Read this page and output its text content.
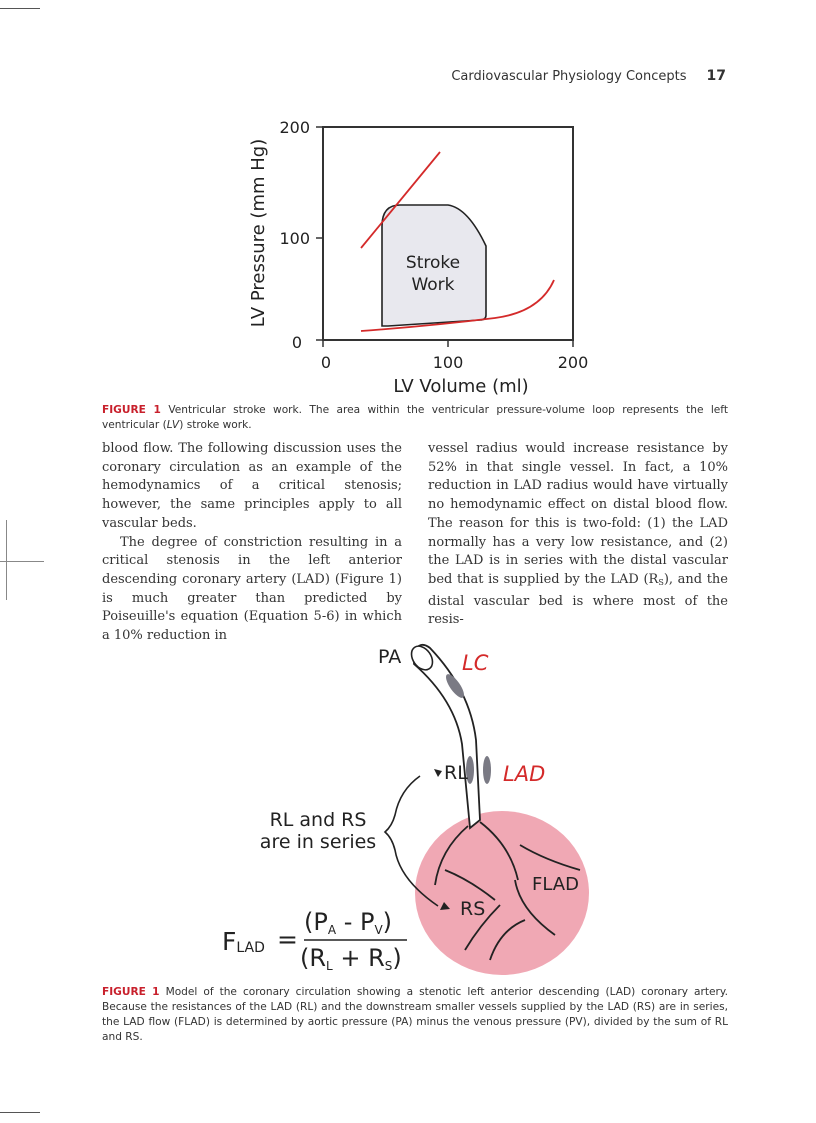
Cardiovascular Physiology Concepts 17
200
100
0
0	100	200
LV Volume (ml)
LV Pressure (mm Hg)	Stroke
Work
FIGURE 1 Ventricular stroke work. The area within the ventricular pressure-volume loop represents the left ventricular (LV) stroke work.

blood flow. The following discussion uses the coronary circulation as an example of the hemodynamics of a critical stenosis; however, the same principles apply to all vascular beds.

The degree of constriction resulting in a critical stenosis in the left anterior descending coronary artery (LAD) (Figure 1) is much greater than predicted by Poiseuille's equation (Equation 5-6) in which a 10% reduction in

vessel radius would increase resistance by 52% in that single vessel. In fact, a 10% reduction in LAD radius would have virtually no hemodynamic effect on distal blood flow. The reason for this is two-fold: (1) the LAD normally has a very low resistance, and (2) the LAD is in series with the distal vascular bed that is supplied by the LAD $(R_S)$, and the distal vascular bed is where most of the resis-

PA	LC
RL LAD
RL and RS
are in series
RS
FLAD
FLAD =
(PA - PV)
(RL + RS)
FIGURE 1 Model of the coronary circulation showing a stenotic left anterior descending (LAD) coronary artery. Because the resistances of the LAD (RL) and the downstream smaller vessels supplied by the LAD (RS) are in series, the LAD flow (FLAD) is determined by aortic pressure (PA) minus the venous pressure (PV), divided by the sum of RL and RS.
